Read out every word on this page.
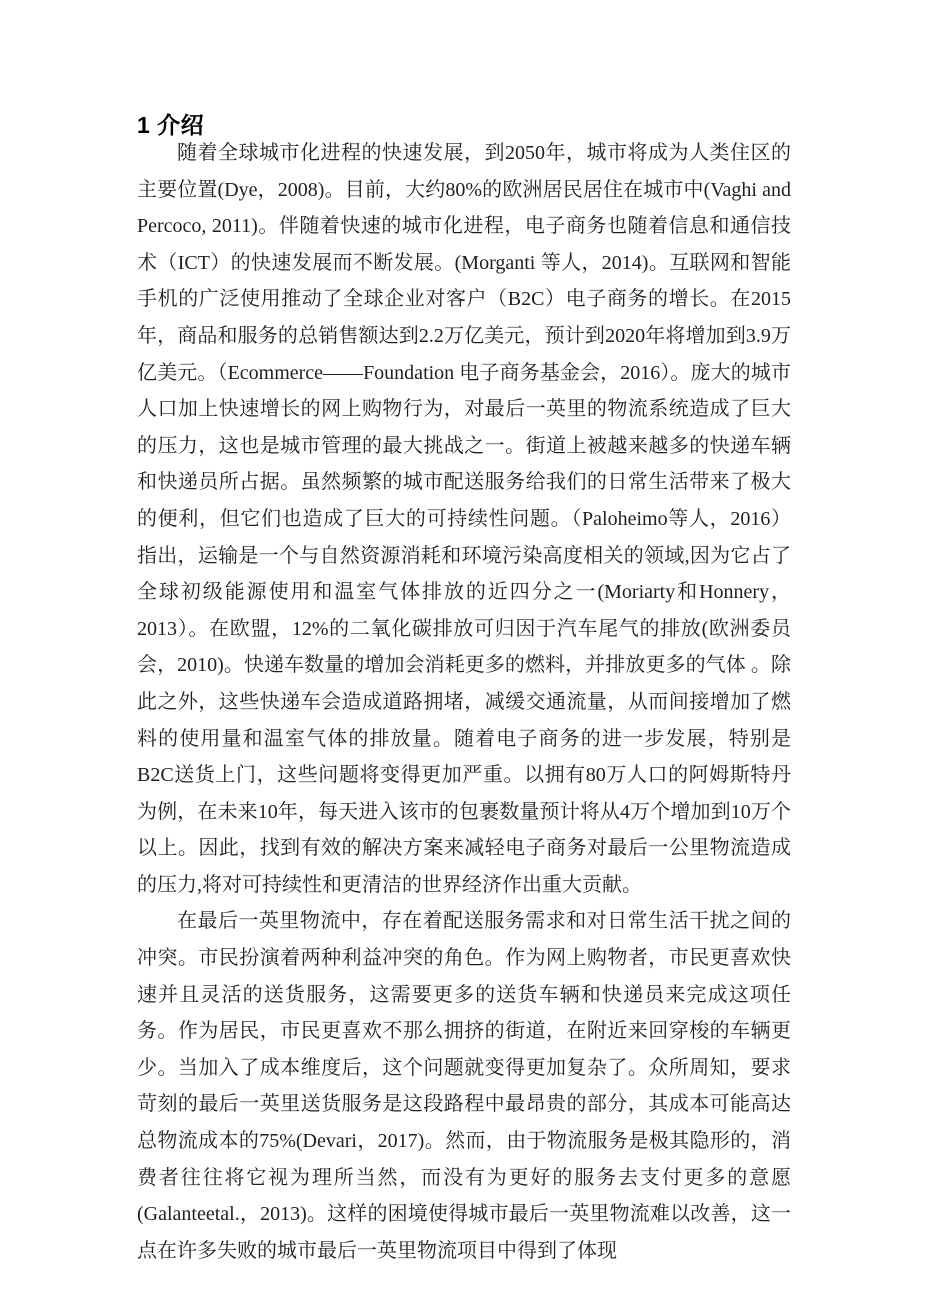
1 介绍

随着全球城市化进程的快速发展，到2050年，城市将成为人类住区的主要位置(Dye，2008)。目前，大约80%的欧洲居民居住在城市中(Vaghi and Percoco, 2011)。伴随着快速的城市化进程，电子商务也随着信息和通信技术（ICT）的快速发展而不断发展。(Morganti 等人，2014)。互联网和智能手机的广泛使用推动了全球企业对客户（B2C）电子商务的增长。在2015年，商品和服务的总销售额达到2.2万亿美元，预计到2020年将增加到3.9万亿美元。（Ecommerce——Foundation 电子商务基金会，2016）。庞大的城市人口加上快速增长的网上购物行为，对最后一英里的物流系统造成了巨大的压力，这也是城市管理的最大挑战之一。街道上被越来越多的快递车辆和快递员所占据。虽然频繁的城市配送服务给我们的日常生活带来了极大的便利，但它们也造成了巨大的可持续性问题。（Paloheimo等人，2016）指出，运输是一个与自然资源消耗和环境污染高度相关的领域,因为它占了全球初级能源使用和温室气体排放的近四分之一(Moriarty和Honnery，2013）。在欧盟，12%的二氧化碳排放可归因于汽车尾气的排放(欧洲委员会，2010)。快递车数量的增加会消耗更多的燃料，并排放更多的气体 。除此之外，这些快递车会造成道路拥堵，减缓交通流量，从而间接增加了燃料的使用量和温室气体的排放量。随着电子商务的进一步发展，特别是B2C送货上门，这些问题将变得更加严重。以拥有80万人口的阿姆斯特丹为例，在未来10年，每天进入该市的包裹数量预计将从4万个增加到10万个以上。因此，找到有效的解决方案来减轻电子商务对最后一公里物流造成的压力,将对可持续性和更清洁的世界经济作出重大贡献。

在最后一英里物流中，存在着配送服务需求和对日常生活干扰之间的冲突。市民扮演着两种利益冲突的角色。作为网上购物者，市民更喜欢快速并且灵活的送货服务，这需要更多的送货车辆和快递员来完成这项任务。作为居民，市民更喜欢不那么拥挤的街道，在附近来回穿梭的车辆更少。当加入了成本维度后，这个问题就变得更加复杂了。众所周知，要求苛刻的最后一英里送货服务是这段路程中最昂贵的部分，其成本可能高达总物流成本的75%(Devari，2017)。然而，由于物流服务是极其隐形的，消费者往往将它视为理所当然，而没有为更好的服务去支付更多的意愿(Galanteetal.，2013)。这样的困境使得城市最后一英里物流难以改善，这一点在许多失败的城市最后一英里物流项目中得到了体现
